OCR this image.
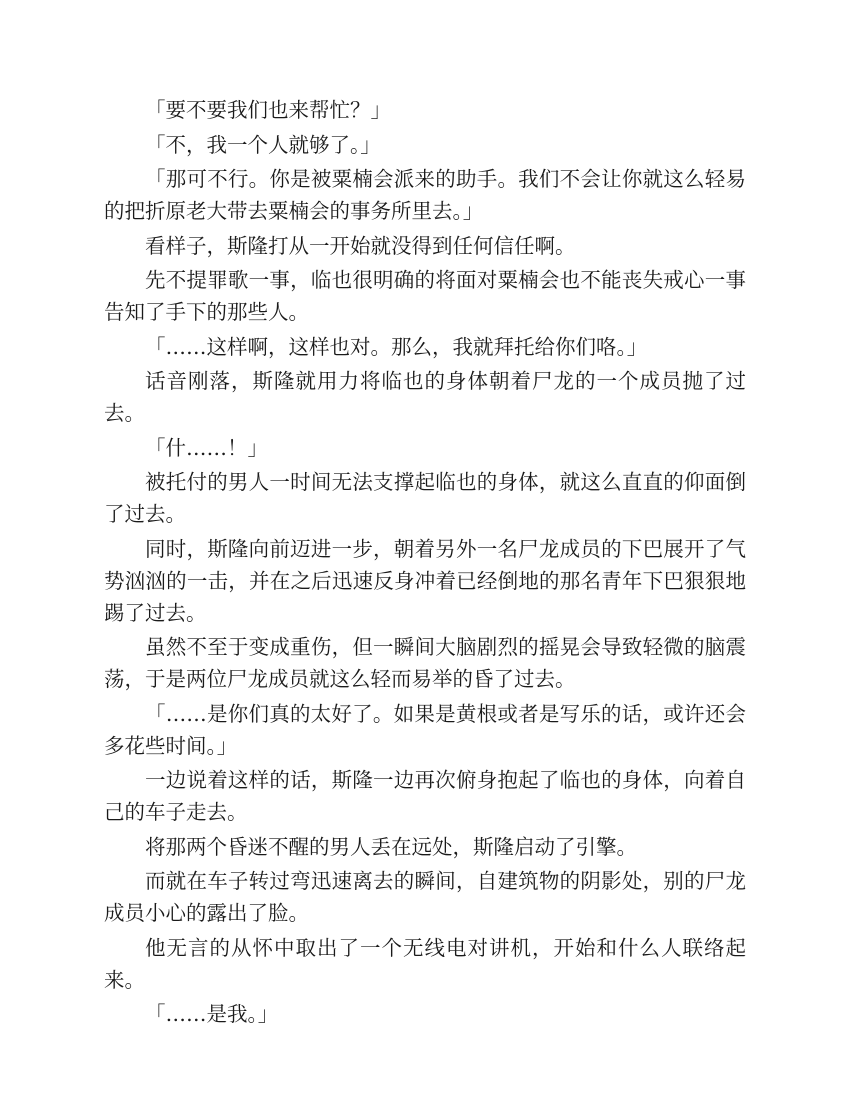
「要不要我们也来帮忙？」

「不，我一个人就够了。」

「那可不行。你是被粟楠会派来的助手。我们不会让你就这么轻易的把折原老大带去粟楠会的事务所里去。」

看样子，斯隆打从一开始就没得到任何信任啊。

先不提罪歌一事，临也很明确的将面对粟楠会也不能丧失戒心一事告知了手下的那些人。

「……这样啊，这样也对。那么，我就拜托给你们咯。」

话音刚落，斯隆就用力将临也的身体朝着尸龙的一个成员抛了过去。

「什……！」

被托付的男人一时间无法支撑起临也的身体，就这么直直的仰面倒了过去。

同时，斯隆向前迈进一步，朝着另外一名尸龙成员的下巴展开了气势汹汹的一击，并在之后迅速反身冲着已经倒地的那名青年下巴狠狠地踢了过去。

虽然不至于变成重伤，但一瞬间大脑剧烈的摇晃会导致轻微的脑震荡，于是两位尸龙成员就这么轻而易举的昏了过去。

「……是你们真的太好了。如果是黄根或者是写乐的话，或许还会多花些时间。」

一边说着这样的话，斯隆一边再次俯身抱起了临也的身体，向着自己的车子走去。

将那两个昏迷不醒的男人丢在远处，斯隆启动了引擎。

而就在车子转过弯迅速离去的瞬间，自建筑物的阴影处，别的尸龙成员小心的露出了脸。

他无言的从怀中取出了一个无线电对讲机，开始和什么人联络起来。

「……是我。」
